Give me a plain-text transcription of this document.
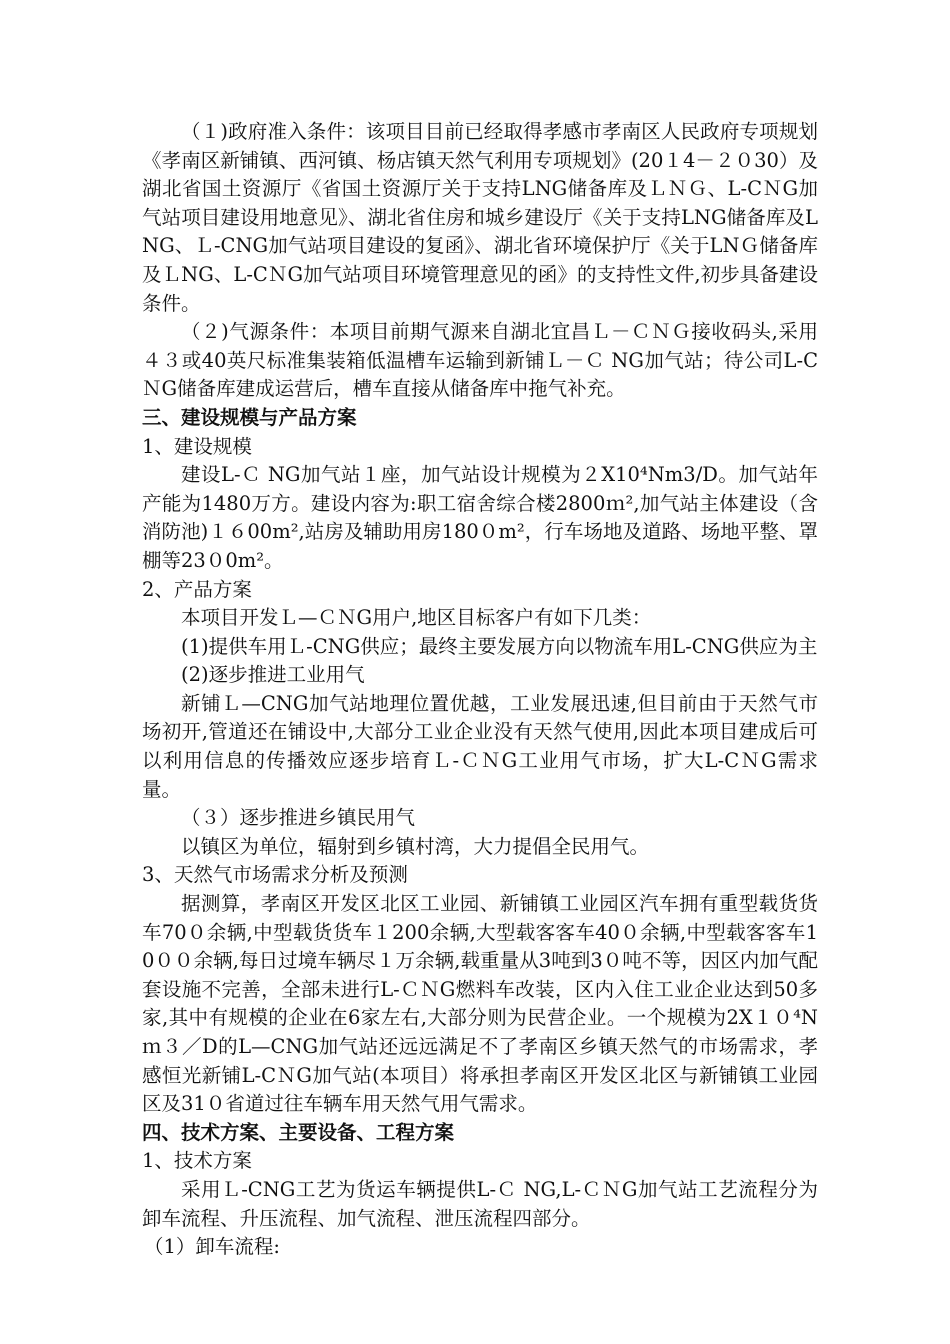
（１)政府准入条件：该项目目前已经取得孝感市孝南区人民政府专项规划《孝南区新铺镇、西河镇、杨店镇天然气利用专项规划》(20１4－２０30）及湖北省国土资源厅《省国土资源厅关于支持LNG储备库及ＬＮＧ、L-CＮG加气站项目建设用地意见》、湖北省住房和城乡建设厅《关于支持LNG储备库及LNG、Ｌ-CNG加气站项目建设的复函》、湖北省环境保护厅《关于LNＧ储备库及ＬNG、L-CＮG加气站项目环境管理意见的函》的支持性文件,初步具备建设条件。

（２)气源条件：本项目前期气源来自湖北宜昌Ｌ－ＣＮＧ接收码头,采用４３或40英尺标准集装箱低温槽车运输到新铺Ｌ－Ｃ NG加气站；待公司L-CＮG储备库建成运营后，槽车直接从储备库中拖气补充。

三、建设规模与产品方案

1、建设规模

建设L-Ｃ NG加气站１座，加气站设计规模为２X10⁴Nm3/D。加气站年产能为1480万方。建设内容为:职工宿舍综合楼2800ｍ²,加气站主体建设（含消防池)１６00m²,站房及辅助用房180０m²，行车场地及道路、场地平整、罩棚等23０0m²。

2、产品方案

本项目开发Ｌ—ＣＮG用户,地区目标客户有如下几类：

(1)提供车用Ｌ-CNG供应；最终主要发展方向以物流车用L-CNG供应为主

(2)逐步推进工业用气

新铺Ｌ—CNG加气站地理位置优越，工业发展迅速,但目前由于天然气市场初开,管道还在铺设中,大部分工业企业没有天然气使用,因此本项目建成后可以利用信息的传播效应逐步培育Ｌ-ＣＮG工业用气市场，扩大L-CＮG需求量。

（３）逐步推进乡镇民用气

以镇区为单位，辐射到乡镇村湾，大力提倡全民用气。

3、天然气市场需求分析及预测

据测算，孝南区开发区北区工业园、新铺镇工业园区汽车拥有重型载货货车70０余辆,中型载货货车１200余辆,大型载客客车40０余辆,中型载客客车10００余辆,每日过境车辆尽１万余辆,载重量从3吨到3０吨不等，因区内加气配套设施不完善，全部未进行L-ＣＮG燃料车改装，区内入住工业企业达到50多家,其中有规模的企业在6家左右,大部分则为民营企业。一个规模为2X１０⁴Nｍ３／D的L—CNG加气站还远远满足不了孝南区乡镇天然气的市场需求，孝感恒光新铺L-CＮG加气站(本项目）将承担孝南区开发区北区与新铺镇工业园区及31０省道过往车辆车用天然气用气需求。

四、技术方案、主要设备、工程方案

1、技术方案

采用Ｌ-CNG工艺为货运车辆提供L-Ｃ NG,L-ＣＮG加气站工艺流程分为卸车流程、升压流程、加气流程、泄压流程四部分。

（1）卸车流程:
